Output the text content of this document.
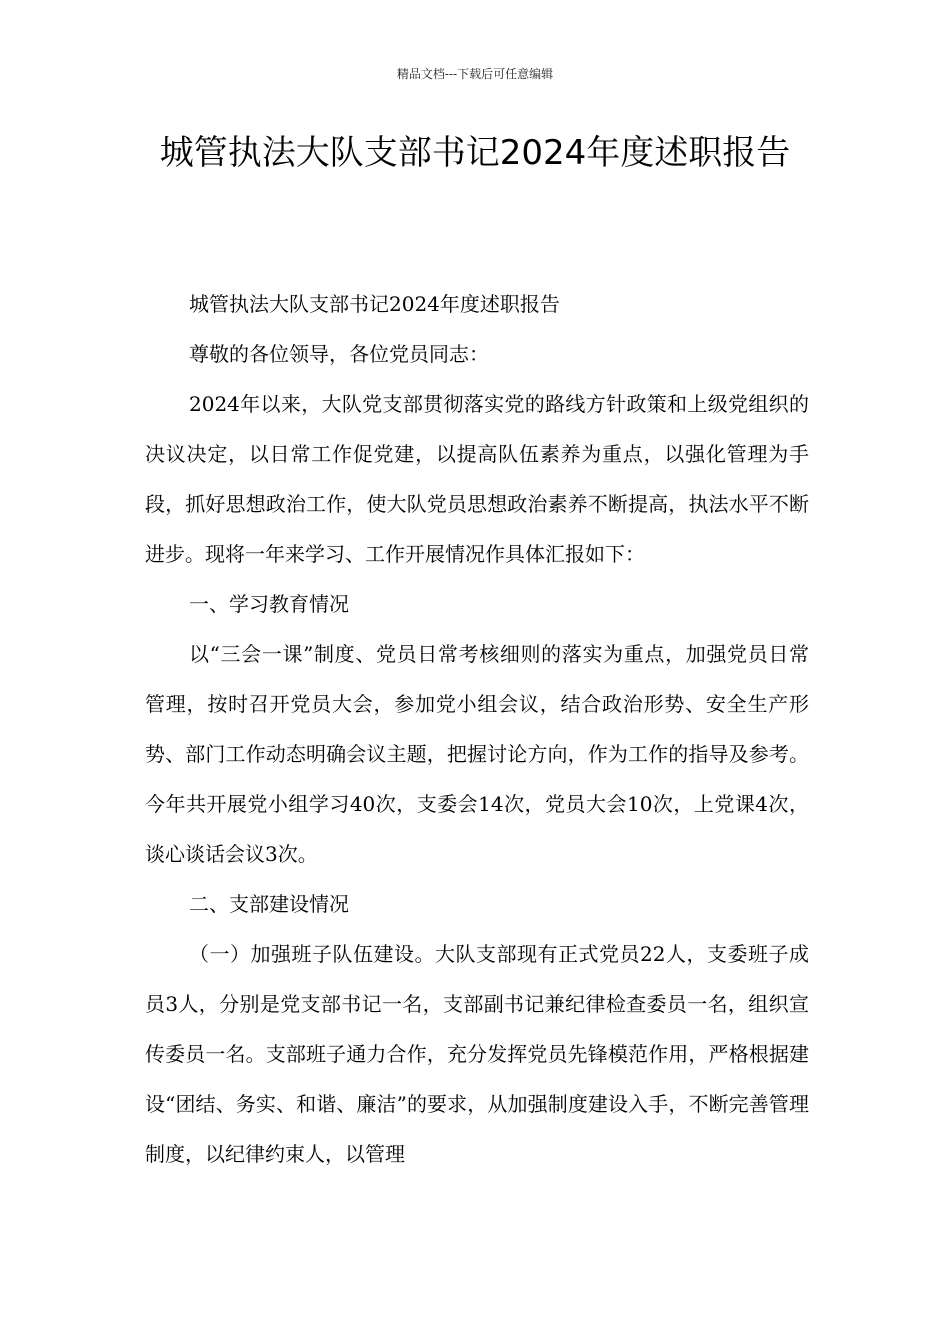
精品文档---下载后可任意编辑
城管执法大队支部书记2024年度述职报告

城管执法大队支部书记2024年度述职报告

尊敬的各位领导，各位党员同志：

2024年以来，大队党支部贯彻落实党的路线方针政策和上级党组织的决议决定，以日常工作促党建，以提高队伍素养为重点，以强化管理为手段，抓好思想政治工作，使大队党员思想政治素养不断提高，执法水平不断进步。现将一年来学习、工作开展情况作具体汇报如下：

一、学习教育情况

以“三会一课”制度、党员日常考核细则的落实为重点，加强党员日常管理，按时召开党员大会，参加党小组会议，结合政治形势、安全生产形势、部门工作动态明确会议主题，把握讨论方向，作为工作的指导及参考。今年共开展党小组学习40次，支委会14次，党员大会10次，上党课4次，谈心谈话会议3次。

二、支部建设情况

（一）加强班子队伍建设。大队支部现有正式党员22人，支委班子成员3人，分别是党支部书记一名，支部副书记兼纪律检查委员一名，组织宣传委员一名。支部班子通力合作，充分发挥党员先锋模范作用，严格根据建设“团结、务实、和谐、廉洁”的要求，从加强制度建设入手，不断完善管理制度，以纪律约束人，以管理
